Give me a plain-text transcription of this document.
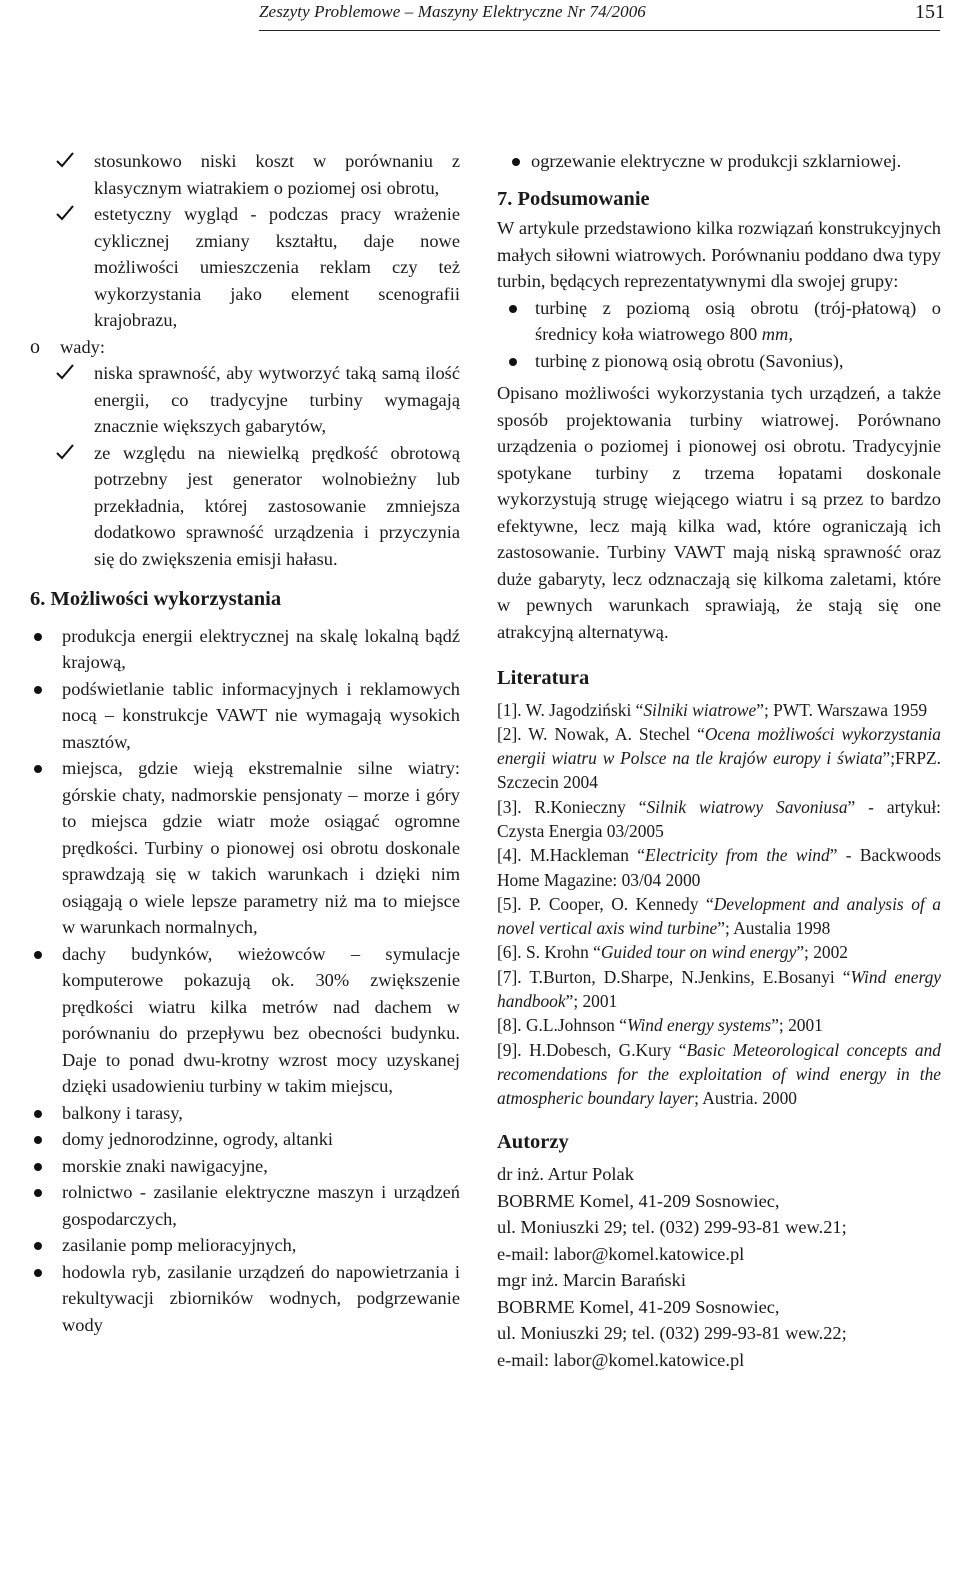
Zeszyty Problemowe – Maszyny Elektryczne Nr 74/2006	151
stosunkowo niski koszt w porównaniu z klasycznym wiatrakiem o poziomej osi obrotu,
estetyczny wygląd - podczas pracy wrażenie cyklicznej zmiany kształtu, daje nowe możliwości umieszczenia reklam czy też wykorzystania jako element scenografii krajobrazu,
o wady:
niska sprawność, aby wytworzyć taką samą ilość energii, co tradycyjne turbiny wymagają znacznie większych gabarytów,
ze względu na niewielką prędkość obrotową potrzebny jest generator wolnobieżny lub przekładnia, której zastosowanie zmniejsza dodatkowo sprawność urządzenia i przyczynia się do zwiększenia emisji hałasu.
6. Możliwości wykorzystania
produkcja energii elektrycznej na skalę lokalną bądź krajową,
podświetlanie tablic informacyjnych i reklamowych nocą – konstrukcje VAWT nie wymagają wysokich masztów,
miejsca, gdzie wieją ekstremalnie silne wiatry: górskie chaty, nadmorskie pensjonaty – morze i góry to miejsca gdzie wiatr może osiągać ogromne prędkości. Turbiny o pionowej osi obrotu doskonale sprawdzają się w takich warunkach i dzięki nim osiągają o wiele lepsze parametry niż ma to miejsce w warunkach normalnych,
dachy budynków, wieżowców – symulacje komputerowe pokazują ok. 30% zwiększenie prędkości wiatru kilka metrów nad dachem w porównaniu do przepływu bez obecności budynku. Daje to ponad dwu-krotny wzrost mocy uzyskanej dzięki usadowieniu turbiny w takim miejscu,
balkony i tarasy,
domy jednorodzinne, ogrody, altanki
morskie znaki nawigacyjne,
rolnictwo - zasilanie elektryczne maszyn i urządzeń gospodarczych,
zasilanie pomp melioracyjnych,
hodowla ryb, zasilanie urządzeń do napowietrzania i rekultywacji zbiorników wodnych, podgrzewanie wody
ogrzewanie elektryczne w produkcji szklarniowej.
7. Podsumowanie

W artykule przedstawiono kilka rozwiązań konstrukcyjnych małych siłowni wiatrowych. Porównaniu poddano dwa typy turbin, będących reprezentatywnymi dla swojej grupy:

turbinę z poziomą osią obrotu (trój-płatową) o średnicy koła wiatrowego 800 mm,
turbinę z pionową osią obrotu (Savonius),

Opisano możliwości wykorzystania tych urządzeń, a także sposób projektowania turbiny wiatrowej. Porównano urządzenia o poziomej i pionowej osi obrotu. Tradycyjnie spotykane turbiny z trzema łopatami doskonale wykorzystują strugę wiejącego wiatru i są przez to bardzo efektywne, lecz mają kilka wad, które ograniczają ich zastosowanie. Turbiny VAWT mają niską sprawność oraz duże gabaryty, lecz odznaczają się kilkoma zaletami, które w pewnych warunkach sprawiają, że stają się one atrakcyjną alternatywą.

Literatura

[1]. W. Jagodziński “Silniki wiatrowe”; PWT. Warszawa 1959

[2]. W. Nowak, A. Stechel “Ocena możliwości wykorzystania energii wiatru w Polsce na tle krajów europy i świata”;FRPZ. Szczecin 2004

[3]. R.Konieczny “Silnik wiatrowy Savoniusa” - artykuł: Czysta Energia 03/2005

[4]. M.Hackleman “Electricity from the wind” - Backwoods Home Magazine: 03/04 2000

[5]. P. Cooper, O. Kennedy “Development and analysis of a novel vertical axis wind turbine”; Austalia 1998

[6]. S. Krohn “Guided tour on wind energy”; 2002

[7]. T.Burton, D.Sharpe, N.Jenkins, E.Bosanyi “Wind energy handbook”; 2001

[8]. G.L.Johnson “Wind energy systems”; 2001

[9]. H.Dobesch, G.Kury “Basic Meteorological concepts and recomendations for the exploitation of wind energy in the atmospheric boundary layer; Austria. 2000

Autorzy
dr inż. Artur Polak
BOBRME Komel, 41-209 Sosnowiec,
ul. Moniuszki 29; tel. (032) 299-93-81 wew.21;
e-mail: labor@komel.katowice.pl
mgr inż. Marcin Barański
BOBRME Komel, 41-209 Sosnowiec,
ul. Moniuszki 29; tel. (032) 299-93-81 wew.22;
e-mail: labor@komel.katowice.pl
